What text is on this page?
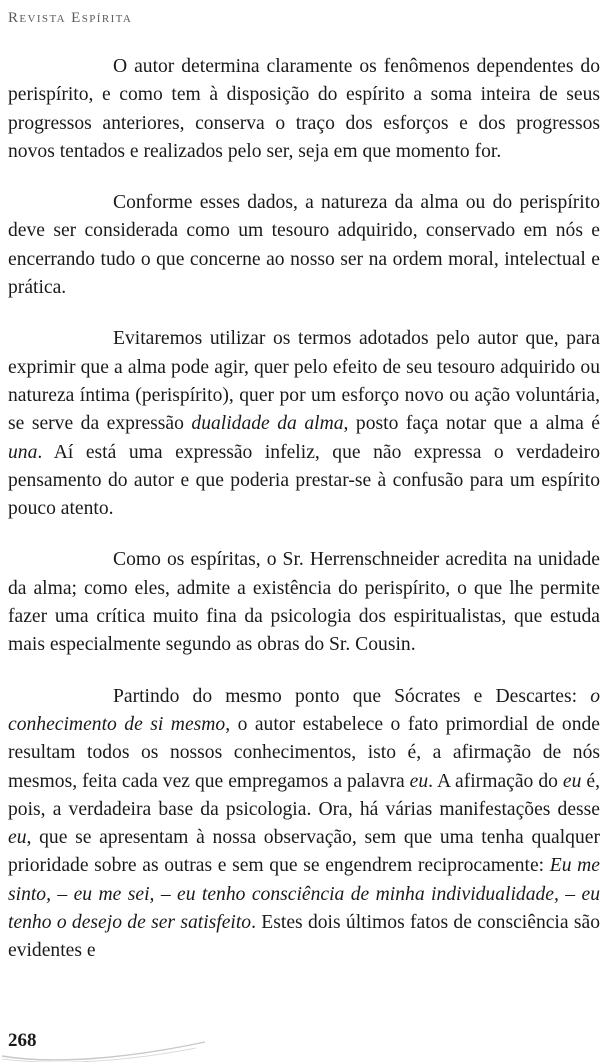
Revista Espírita

O autor determina claramente os fenômenos dependentes do perispírito, e como tem à disposição do espírito a soma inteira de seus progressos anteriores, conserva o traço dos esforços e dos progressos novos tentados e realizados pelo ser, seja em que momento for.

Conforme esses dados, a natureza da alma ou do perispírito deve ser considerada como um tesouro adquirido, conservado em nós e encerrando tudo o que concerne ao nosso ser na ordem moral, intelectual e prática.

Evitaremos utilizar os termos adotados pelo autor que, para exprimir que a alma pode agir, quer pelo efeito de seu tesouro adquirido ou natureza íntima (perispírito), quer por um esforço novo ou ação voluntária, se serve da expressão dualidade da alma, posto faça notar que a alma é una. Aí está uma expressão infeliz, que não expressa o verdadeiro pensamento do autor e que poderia prestar-se à confusão para um espírito pouco atento.

Como os espíritas, o Sr. Herrenschneider acredita na unidade da alma; como eles, admite a existência do perispírito, o que lhe permite fazer uma crítica muito fina da psicologia dos espiritualistas, que estuda mais especialmente segundo as obras do Sr. Cousin.

Partindo do mesmo ponto que Sócrates e Descartes: o conhecimento de si mesmo, o autor estabelece o fato primordial de onde resultam todos os nossos conhecimentos, isto é, a afirmação de nós mesmos, feita cada vez que empregamos a palavra eu. A afirmação do eu é, pois, a verdadeira base da psicologia. Ora, há várias manifestações desse eu, que se apresentam à nossa observação, sem que uma tenha qualquer prioridade sobre as outras e sem que se engendrem reciprocamente: Eu me sinto, – eu me sei, – eu tenho consciência de minha individualidade, – eu tenho o desejo de ser satisfeito. Estes dois últimos fatos de consciência são evidentes e

268
